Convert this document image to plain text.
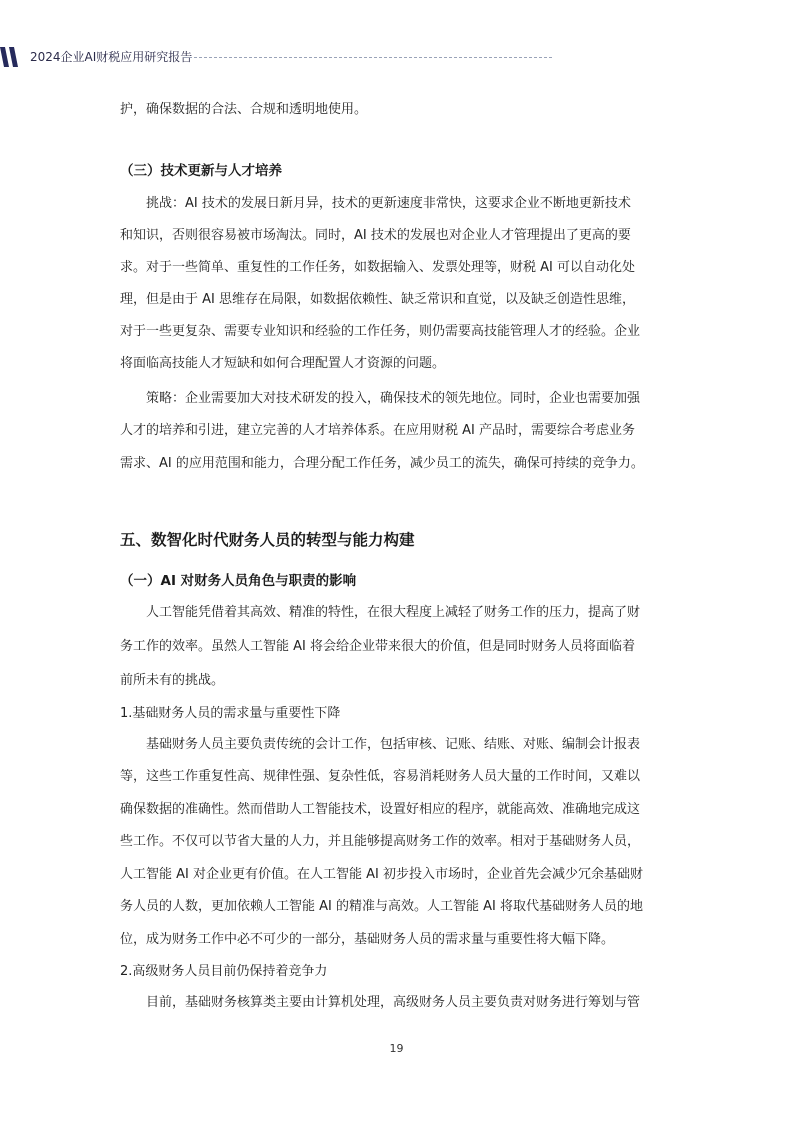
2024企业AI财税应用研究报告

护，确保数据的合法、合规和透明地使用。

（三）技术更新与人才培养

挑战：AI 技术的发展日新月异，技术的更新速度非常快，这要求企业不断地更新技术

和知识，否则很容易被市场淘汰。同时，AI 技术的发展也对企业人才管理提出了更高的要

求。对于一些简单、重复性的工作任务，如数据输入、发票处理等，财税 AI 可以自动化处

理，但是由于 AI 思维存在局限，如数据依赖性、缺乏常识和直觉，以及缺乏创造性思维，

对于一些更复杂、需要专业知识和经验的工作任务，则仍需要高技能管理人才的经验。企业

将面临高技能人才短缺和如何合理配置人才资源的问题。

策略：企业需要加大对技术研发的投入，确保技术的领先地位。同时，企业也需要加强

人才的培养和引进，建立完善的人才培养体系。在应用财税 AI 产品时，需要综合考虑业务

需求、AI 的应用范围和能力，合理分配工作任务，减少员工的流失，确保可持续的竞争力。

五、数智化时代财务人员的转型与能力构建

（一）AI 对财务人员角色与职责的影响

人工智能凭借着其高效、精准的特性，在很大程度上减轻了财务工作的压力，提高了财

务工作的效率。虽然人工智能 AI 将会给企业带来很大的价值，但是同时财务人员将面临着

前所未有的挑战。

1.基础财务人员的需求量与重要性下降

基础财务人员主要负责传统的会计工作，包括审核、记账、结账、对账、编制会计报表

等，这些工作重复性高、规律性强、复杂性低，容易消耗财务人员大量的工作时间，又难以

确保数据的准确性。然而借助人工智能技术，设置好相应的程序，就能高效、准确地完成这

些工作。不仅可以节省大量的人力，并且能够提高财务工作的效率。相对于基础财务人员，

人工智能 AI 对企业更有价值。在人工智能 AI 初步投入市场时，企业首先会减少冗余基础财

务人员的人数，更加依赖人工智能 AI 的精准与高效。人工智能 AI 将取代基础财务人员的地

位，成为财务工作中必不可少的一部分，基础财务人员的需求量与重要性将大幅下降。

2.高级财务人员目前仍保持着竞争力

目前，基础财务核算类主要由计算机处理，高级财务人员主要负责对财务进行筹划与管

19
